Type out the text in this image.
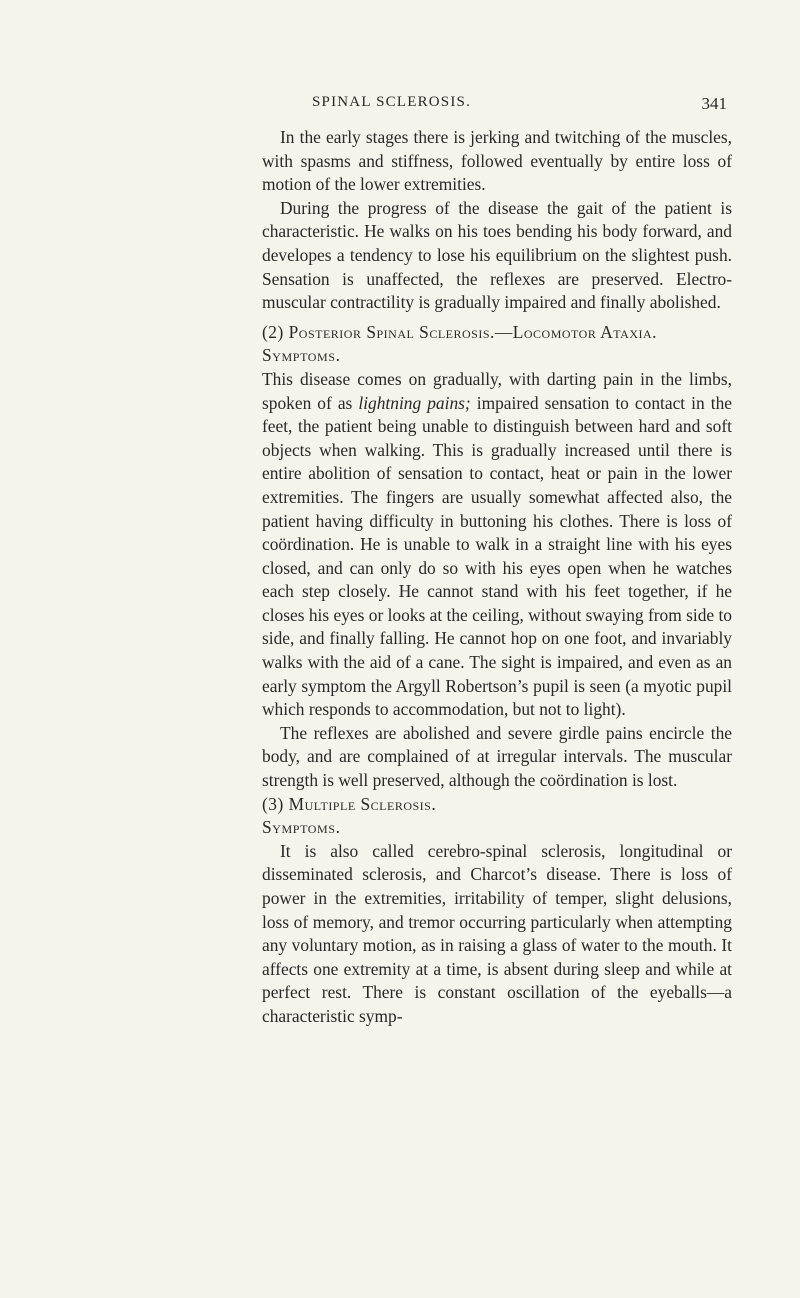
SPINAL SCLEROSIS.	341

In the early stages there is jerking and twitching of the muscles, with spasms and stiffness, followed eventually by entire loss of motion of the lower extremities.

During the progress of the disease the gait of the patient is characteristic. He walks on his toes bending his body forward, and developes a tendency to lose his equilibrium on the slightest push. Sensation is unaffected, the reflexes are preserved. Electro-muscular contractility is gradually impaired and finally abolished.

(2) Posterior Spinal Sclerosis.—Locomotor Ataxia.

Symptoms.

This disease comes on gradually, with darting pain in the limbs, spoken of as lightning pains; impaired sensation to contact in the feet, the patient being unable to distinguish between hard and soft objects when walking. This is gradually increased until there is entire abolition of sensation to contact, heat or pain in the lower extremities. The fingers are usually somewhat affected also, the patient having difficulty in buttoning his clothes. There is loss of coördination. He is unable to walk in a straight line with his eyes closed, and can only do so with his eyes open when he watches each step closely. He cannot stand with his feet together, if he closes his eyes or looks at the ceiling, without swaying from side to side, and finally falling. He cannot hop on one foot, and invariably walks with the aid of a cane. The sight is impaired, and even as an early symptom the Argyll Robertson’s pupil is seen (a myotic pupil which responds to accommodation, but not to light).

The reflexes are abolished and severe girdle pains encircle the body, and are complained of at irregular intervals. The muscular strength is well preserved, although the coördination is lost.

(3) Multiple Sclerosis.

Symptoms.

It is also called cerebro-spinal sclerosis, longitudinal or disseminated sclerosis, and Charcot’s disease. There is loss of power in the extremities, irritability of temper, slight delusions, loss of memory, and tremor occurring particularly when attempting any voluntary motion, as in raising a glass of water to the mouth. It affects one extremity at a time, is absent during sleep and while at perfect rest. There is constant oscillation of the eyeballs—a characteristic symp-
